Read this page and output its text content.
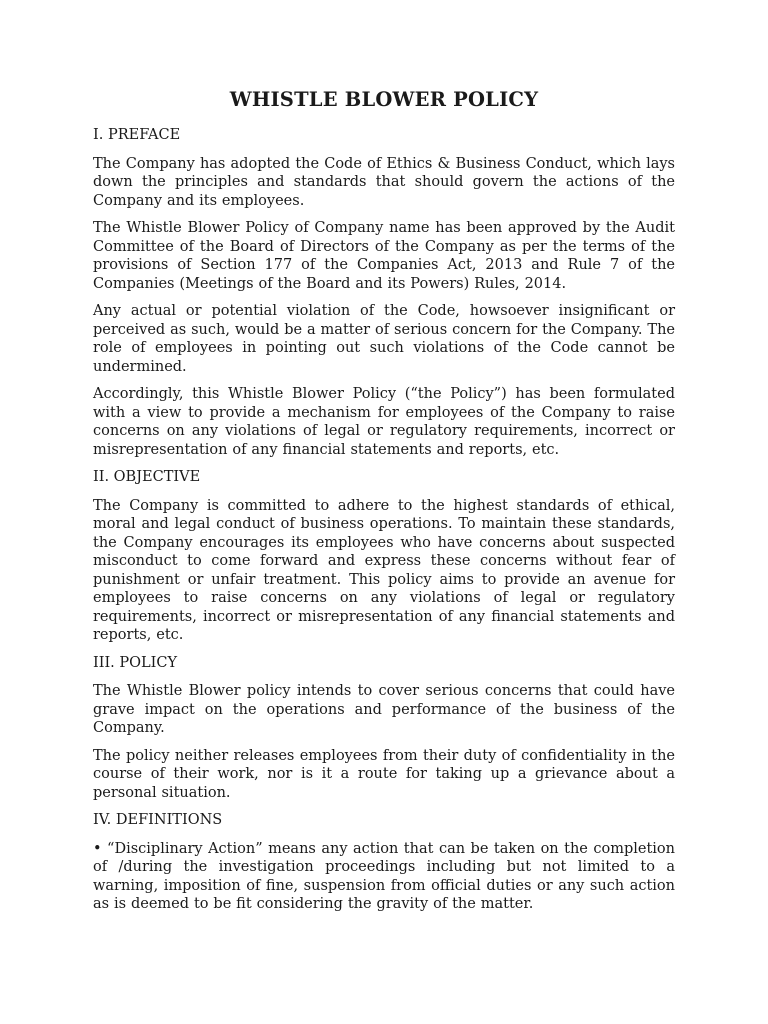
WHISTLE BLOWER POLICY

I. PREFACE

The Company has adopted the Code of Ethics & Business Conduct, which lays down the principles and standards that should govern the actions of the Company and its employees.

The Whistle Blower Policy of Company name has been approved by the Audit Committee of the Board of Directors of the Company as per the terms of the provisions of Section 177 of the Companies Act, 2013 and Rule 7 of the Companies (Meetings of the Board and its Powers) Rules, 2014.

Any actual or potential violation of the Code, howsoever insignificant or perceived as such, would be a matter of serious concern for the Company. The role of employees in pointing out such violations of the Code cannot be undermined.

Accordingly, this Whistle Blower Policy (“the Policy”) has been formulated with a view to provide a mechanism for employees of the Company to raise concerns on any violations of legal or regulatory requirements, incorrect or misrepresentation of any financial statements and reports, etc.

II. OBJECTIVE

The Company is committed to adhere to the highest standards of ethical, moral and legal conduct of business operations. To maintain these standards, the Company encourages its employees who have concerns about suspected misconduct to come forward and express these concerns without fear of punishment or unfair treatment. This policy aims to provide an avenue for employees to raise concerns on any violations of legal or regulatory requirements, incorrect or misrepresentation of any financial statements and reports, etc.

III. POLICY

The Whistle Blower policy intends to cover serious concerns that could have grave impact on the operations and performance of the business of the Company.

The policy neither releases employees from their duty of confidentiality in the course of their work, nor is it a route for taking up a grievance about a personal situation.

IV. DEFINITIONS

• “Disciplinary Action” means any action that can be taken on the completion of /during the investigation proceedings including but not limited to a warning, imposition of fine, suspension from official duties or any such action as is deemed to be fit considering the gravity of the matter.
